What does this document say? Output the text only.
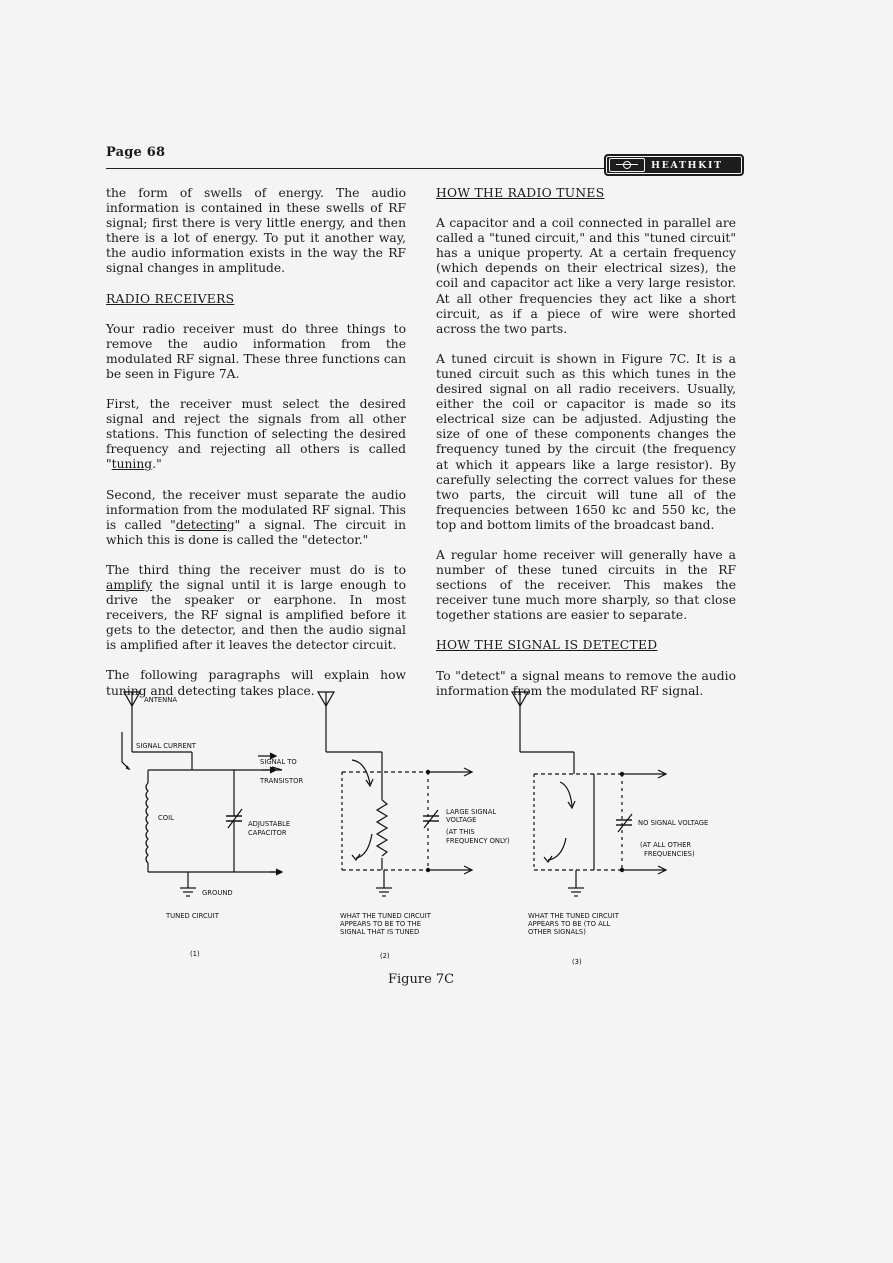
Page 68
HEATHKIT

the form of swells of energy. The audio information is contained in these swells of RF signal; first there is very little energy, and then there is a lot of energy. To put it another way, the audio information exists in the way the RF signal changes in amplitude.

RADIO RECEIVERS

Your radio receiver must do three things to remove the audio information from the modulated RF signal. These three functions can be seen in Figure 7A.

First, the receiver must select the desired signal and reject the signals from all other stations. This function of selecting the desired frequency and rejecting all others is called "tuning."

Second, the receiver must separate the audio information from the modulated RF signal. This is called "detecting" a signal. The circuit in which this is done is called the "detector."

The third thing the receiver must do is to amplify the signal until it is large enough to drive the speaker or earphone. In most receivers, the RF signal is amplified before it gets to the detector, and then the audio signal is amplified after it leaves the detector circuit.

The following paragraphs will explain how tuning and detecting takes place.

HOW THE RADIO TUNES

A capacitor and a coil connected in parallel are called a "tuned circuit," and this "tuned circuit" has a unique property. At a certain frequency (which depends on their electrical sizes), the coil and capacitor act like a very large resistor. At all other frequencies they act like a short circuit, as if a piece of wire were shorted across the two parts.

A tuned circuit is shown in Figure 7C. It is a tuned circuit such as this which tunes in the desired signal on all radio receivers. Usually, either the coil or capacitor is made so its electrical size can be adjusted. Adjusting the size of one of these components changes the frequency tuned by the circuit (the frequency at which it appears like a large resistor). By carefully selecting the correct values for these two parts, the circuit will tune all of the frequencies between 1650 kc and 550 kc, the top and bottom limits of the broadcast band.

A regular home receiver will generally have a number of these tuned circuits in the RF sections of the receiver. This makes the receiver tune much more sharply, so that close together stations are easier to separate.

HOW THE SIGNAL IS DETECTED

To "detect" a signal means to remove the audio information from the modulated RF signal.

ANTENNA
SIGNAL CURRENT
SIGNAL TO
TRANSISTOR
COIL
ADJUSTABLE
CAPACITOR
GROUND
TUNED CIRCUIT
(1)
LARGE SIGNAL
VOLTAGE
(AT THIS
FREQUENCY ONLY)
WHAT THE TUNED CIRCUIT
APPEARS TO BE TO THE
SIGNAL THAT IS TUNED
(2)
NO SIGNAL VOLTAGE
(AT ALL OTHER
FREQUENCIES)
WHAT THE TUNED CIRCUIT
APPEARS TO BE (TO ALL
OTHER SIGNALS)
(3)
Figure 7C
